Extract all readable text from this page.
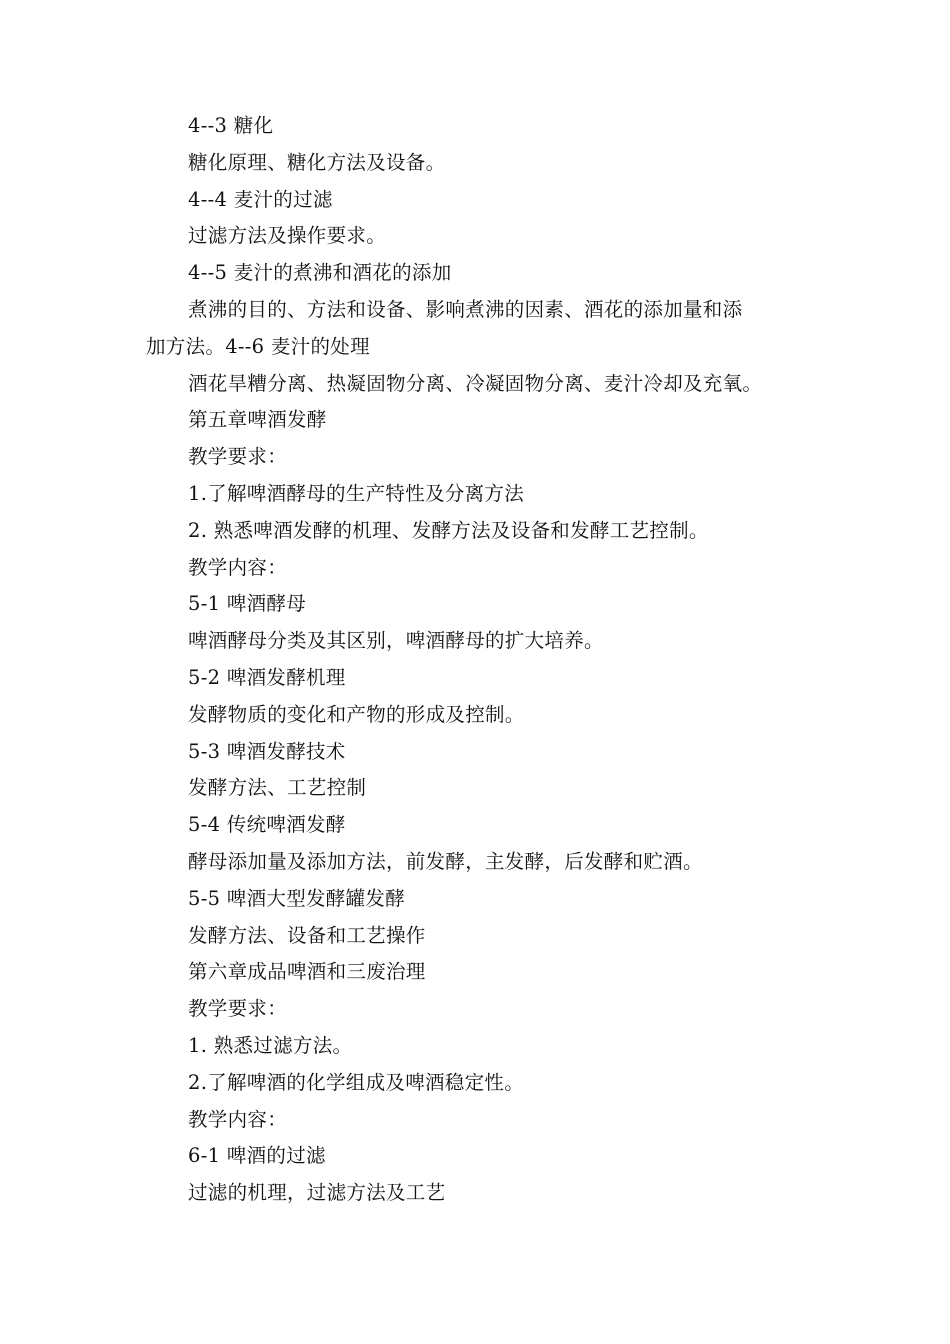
4--3 糖化
糖化原理、糖化方法及设备。
4--4 麦汁的过滤
过滤方法及操作要求。
4--5 麦汁的煮沸和酒花的添加
煮沸的目的、方法和设备、影响煮沸的因素、酒花的添加量和添
加方法。4--6 麦汁的处理
酒花旱糟分离、热凝固物分离、冷凝固物分离、麦汁冷却及充氧。
第五章啤酒发酵
教学要求：
1.了解啤酒酵母的生产特性及分离方法
2. 熟悉啤酒发酵的机理、发酵方法及设备和发酵工艺控制。
教学内容：
5-1 啤酒酵母
啤酒酵母分类及其区别，啤酒酵母的扩大培养。
5-2 啤酒发酵机理
发酵物质的变化和产物的形成及控制。
5-3 啤酒发酵技术
发酵方法、工艺控制
5-4 传统啤酒发酵
酵母添加量及添加方法，前发酵，主发酵，后发酵和贮酒。
5-5 啤酒大型发酵罐发酵
发酵方法、设备和工艺操作
第六章成品啤酒和三废治理
教学要求：
1. 熟悉过滤方法。
2.了解啤酒的化学组成及啤酒稳定性。
教学内容：
6-1 啤酒的过滤
过滤的机理，过滤方法及工艺
